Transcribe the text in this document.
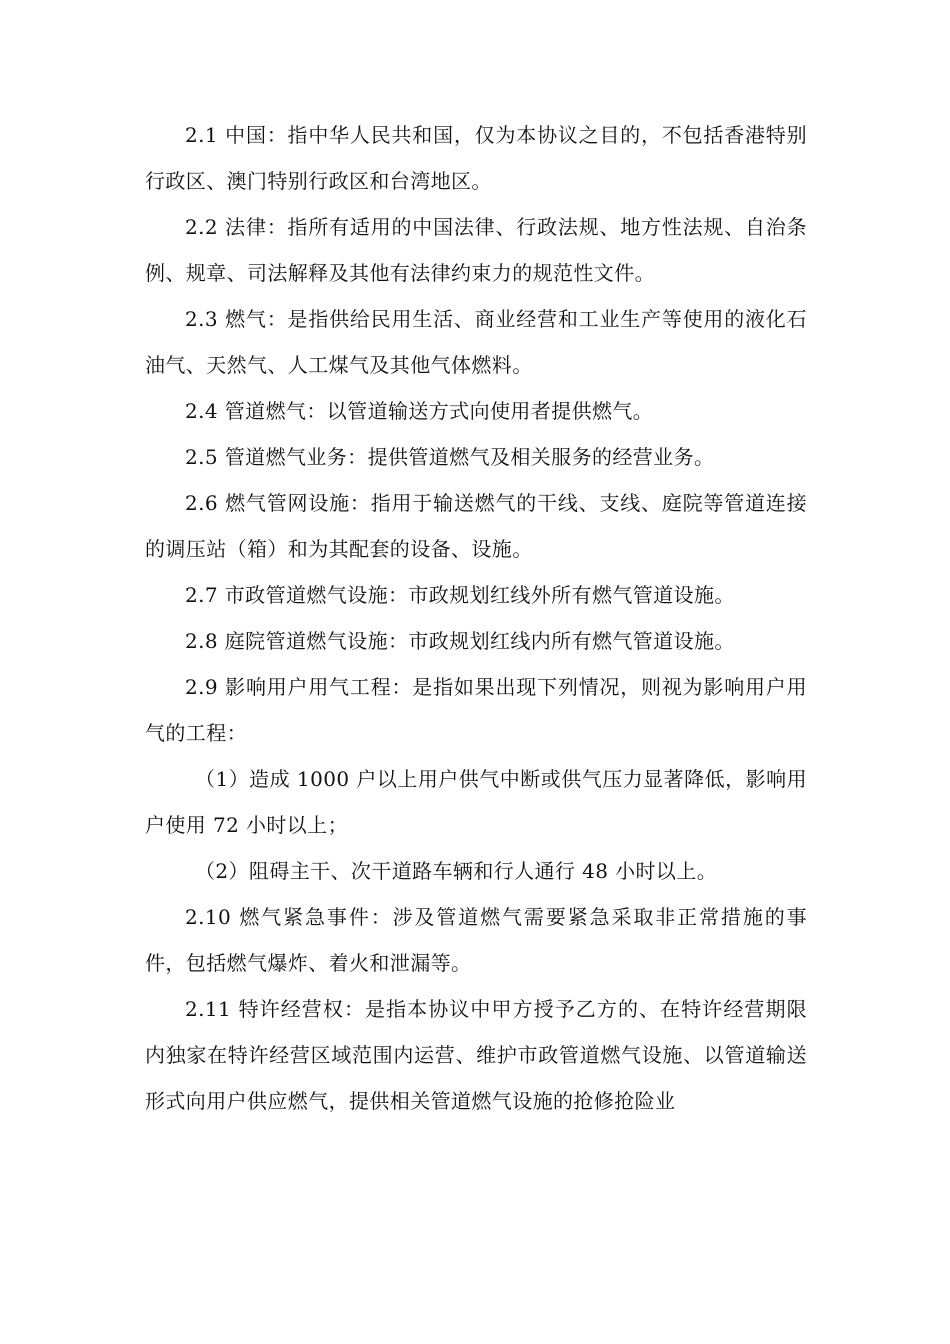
2.1 中国：指中华人民共和国，仅为本协议之目的，不包括香港特别行政区、澳门特别行政区和台湾地区。

2.2 法律：指所有适用的中国法律、行政法规、地方性法规、自治条例、规章、司法解释及其他有法律约束力的规范性文件。

2.3 燃气：是指供给民用生活、商业经营和工业生产等使用的液化石油气、天然气、人工煤气及其他气体燃料。

2.4 管道燃气：以管道输送方式向使用者提供燃气。

2.5 管道燃气业务：提供管道燃气及相关服务的经营业务。

2.6 燃气管网设施：指用于输送燃气的干线、支线、庭院等管道连接的调压站（箱）和为其配套的设备、设施。

2.7 市政管道燃气设施：市政规划红线外所有燃气管道设施。

2.8 庭院管道燃气设施：市政规划红线内所有燃气管道设施。

2.9 影响用户用气工程：是指如果出现下列情况，则视为影响用户用气的工程：

（1）造成 1000 户以上用户供气中断或供气压力显著降低，影响用户使用 72 小时以上；

（2）阻碍主干、次干道路车辆和行人通行 48 小时以上。

2.10 燃气紧急事件：涉及管道燃气需要紧急采取非正常措施的事件，包括燃气爆炸、着火和泄漏等。

2.11 特许经营权：是指本协议中甲方授予乙方的、在特许经营期限内独家在特许经营区域范围内运营、维护市政管道燃气设施、以管道输送形式向用户供应燃气，提供相关管道燃气设施的抢修抢险业
